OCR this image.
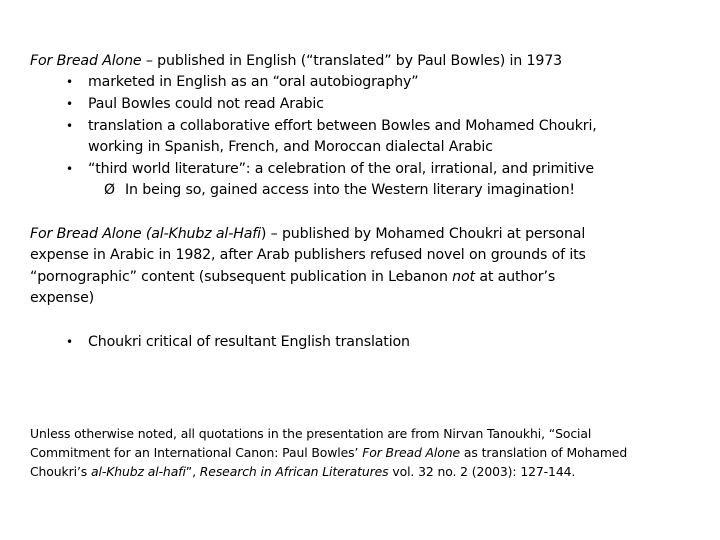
For Bread Alone – published in English (“translated” by Paul Bowles) in 1973
• marketed in English as an “oral autobiography”
• Paul Bowles could not read Arabic
• translation a collaborative effort between Bowles and Mohamed Choukri,
working in Spanish, French, and Moroccan dialectal Arabic
• “third world literature”: a celebration of the oral, irrational, and primitive
Ø In being so, gained access into the Western literary imagination!
For Bread Alone (al-Khubz al-Hafi) – published by Mohamed Choukri at personal
expense in Arabic in 1982, after Arab publishers refused novel on grounds of its
“pornographic” content (subsequent publication in Lebanon not at author’s
expense)
• Choukri critical of resultant English translation
Unless otherwise noted, all quotations in the presentation are from Nirvan Tanoukhi, “Social
Commitment for an International Canon: Paul Bowles’ For Bread Alone as translation of Mohamed
Choukri’s al-Khubz al-hafi”, Research in African Literatures vol. 32 no. 2 (2003): 127-144.
